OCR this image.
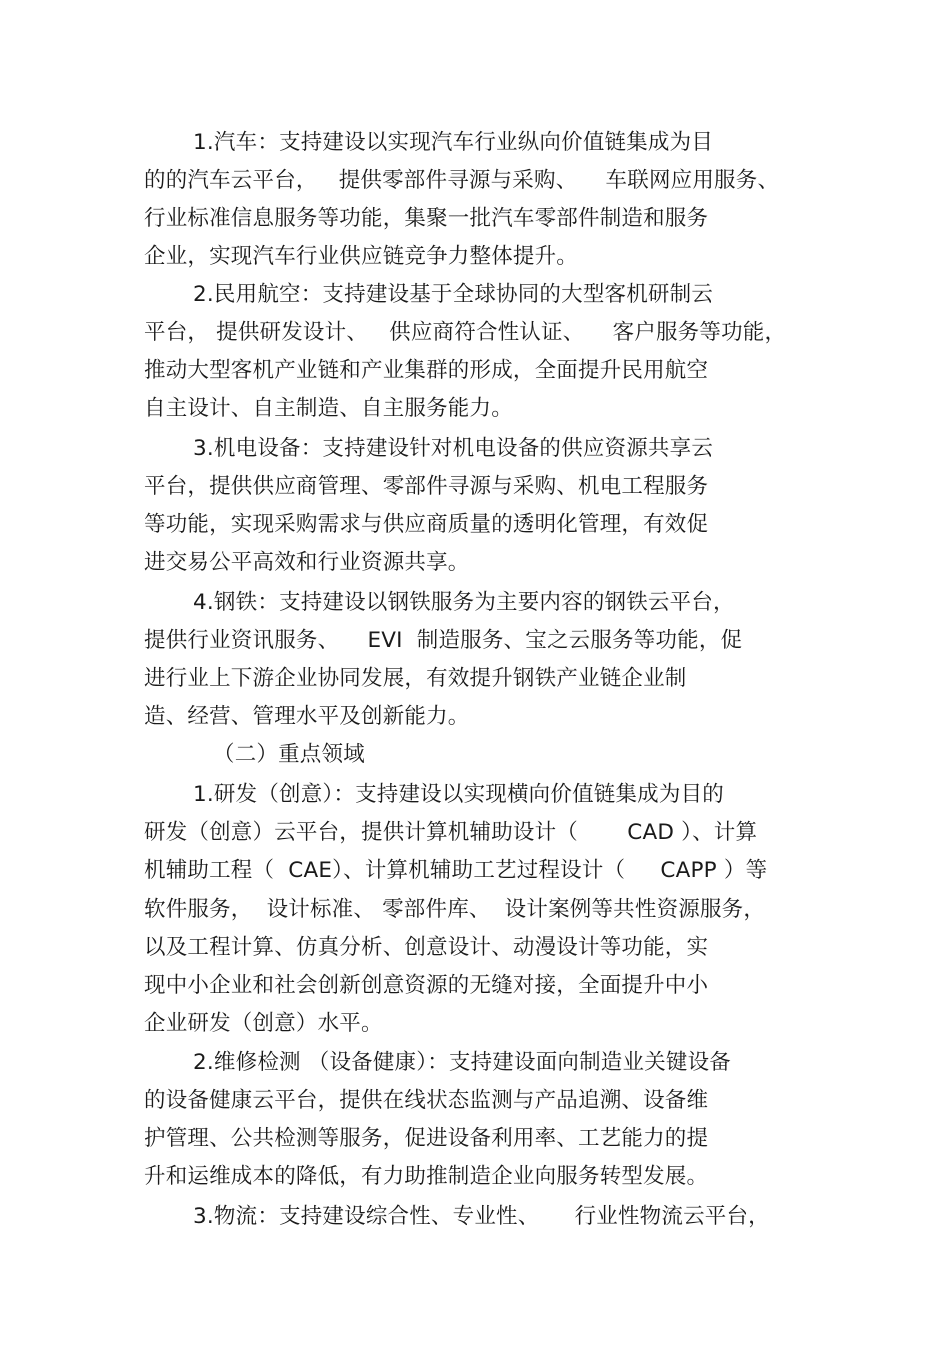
1.汽车：支持建设以实现汽车行业纵向价值链集成为目
的的汽车云平台，   提供零部件寻源与采购、    车联网应用服务、
行业标准信息服务等功能，集聚一批汽车零部件制造和服务
企业，实现汽车行业供应链竞争力整体提升。
2.民用航空：支持建设基于全球协同的大型客机研制云
平台， 提供研发设计、   供应商符合性认证、    客户服务等功能，
推动大型客机产业链和产业集群的形成，全面提升民用航空
自主设计、自主制造、自主服务能力。
3.机电设备：支持建设针对机电设备的供应资源共享云
平台，提供供应商管理、零部件寻源与采购、机电工程服务
等功能，实现采购需求与供应商质量的透明化管理，有效促
进交易公平高效和行业资源共享。
4.钢铁：支持建设以钢铁服务为主要内容的钢铁云平台，
提供行业资讯服务、    EVI  制造服务、宝之云服务等功能，促
进行业上下游企业协同发展，有效提升钢铁产业链企业制
造、经营、管理水平及创新能力。
（二）重点领域
1.研发（创意）：支持建设以实现横向价值链集成为目的
研发（创意）云平台，提供计算机辅助设计（       CAD ）、计算
机辅助工程（  CAE）、计算机辅助工艺过程设计（     CAPP ）等
软件服务，  设计标准、 零部件库、  设计案例等共性资源服务，
以及工程计算、仿真分析、创意设计、动漫设计等功能，实
现中小企业和社会创新创意资源的无缝对接，全面提升中小
企业研发（创意）水平。
2.维修检测 （设备健康）：支持建设面向制造业关键设备
的设备健康云平台，提供在线状态监测与产品追溯、设备维
护管理、公共检测等服务，促进设备利用率、工艺能力的提
升和运维成本的降低，有力助推制造企业向服务转型发展。
3.物流：支持建设综合性、专业性、     行业性物流云平台，
